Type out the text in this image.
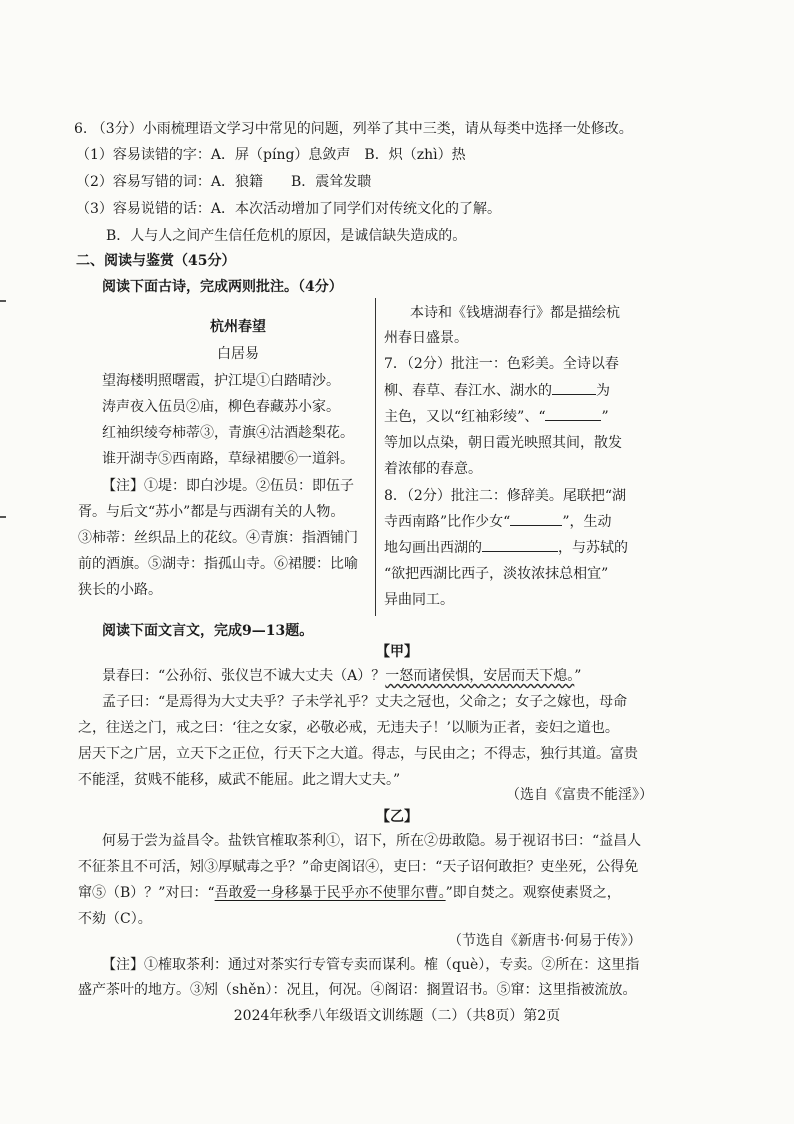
6. （3分）小雨梳理语文学习中常见的问题，列举了其中三类，请从每类中选择一处修改。
（1）容易读错的字：A．屏（píng）息敛声　B．炽（zhì）热
（2）容易写错的词：A．狼籍　　B．震耸发聩
（3）容易说错的话：A．本次活动增加了同学们对传统文化的了解。
B．人与人之间产生信任危机的原因，是诚信缺失造成的。
二、阅读与鉴赏（45分）
阅读下面古诗，完成两则批注。（4分）
杭州春望
白居易
望海楼明照曙霞，护江堤①白踏晴沙。
涛声夜入伍员②庙，柳色春藏苏小家。
红袖织绫夸柿蒂③，青旗④沽酒趁梨花。
谁开湖寺⑤西南路，草绿裙腰⑥一道斜。
【注】①堤：即白沙堤。②伍员：即伍子
胥。与后文“苏小”都是与西湖有关的人物。
③柿蒂：丝织品上的花纹。④青旗：指酒铺门
前的酒旗。⑤湖寺：指孤山寺。⑥裙腰：比喻
狭长的小路。
本诗和《钱塘湖春行》都是描绘杭
州春日盛景。
7．（2分）批注一：色彩美。全诗以春
柳、春草、春江水、湖水的	为
主色，又以“红袖彩绫”、“	”
等加以点染，朝日霞光映照其间，散发
着浓郁的春意。
8．（2分）批注二：修辞美。尾联把“湖
寺西南路”比作少女“	”，生动
地勾画出西湖的	，与苏轼的
“欲把西湖比西子，淡妆浓抹总相宜”
异曲同工。
阅读下面文言文，完成9—13题。
【甲】
景春曰：“公孙衍、张仪岂不诚大丈夫（A）？一怒而诸侯惧，安居而天下熄。”
孟子曰：“是焉得为大丈夫乎？子未学礼乎？丈夫之冠也，父命之；女子之嫁也，母命
之，往送之门，戒之曰：‘往之女家，必敬必戒，无违夫子！’以顺为正者，妾妇之道也。
居天下之广居，立天下之正位，行天下之大道。得志，与民由之；不得志，独行其道。富贵
不能淫，贫贱不能移，威武不能屈。此之谓大丈夫。”
（选自《富贵不能淫》）
【乙】
何易于尝为益昌令。盐铁官榷取茶利①，诏下，所在②毋敢隐。易于视诏书曰：“益昌人
不征茶且不可活，矧③厚赋毒之乎？”命吏阁诏④，吏曰：“天子诏何敢拒？吏坐死，公得免
窜⑤（B）？”对曰：“吾敢爱一身移暴于民乎亦不使罪尔曹。”即自焚之。观察使素贤之，
不劾（C）。
（节选自《新唐书·何易于传》）
【注】①榷取茶利：通过对茶实行专管专卖而谋利。榷（què），专卖。②所在：这里指
盛产茶叶的地方。③矧（shěn）：况且，何况。④阁诏：搁置诏书。⑤窜：这里指被流放。
2024年秋季八年级语文训练题（二）（共8页）第2页
